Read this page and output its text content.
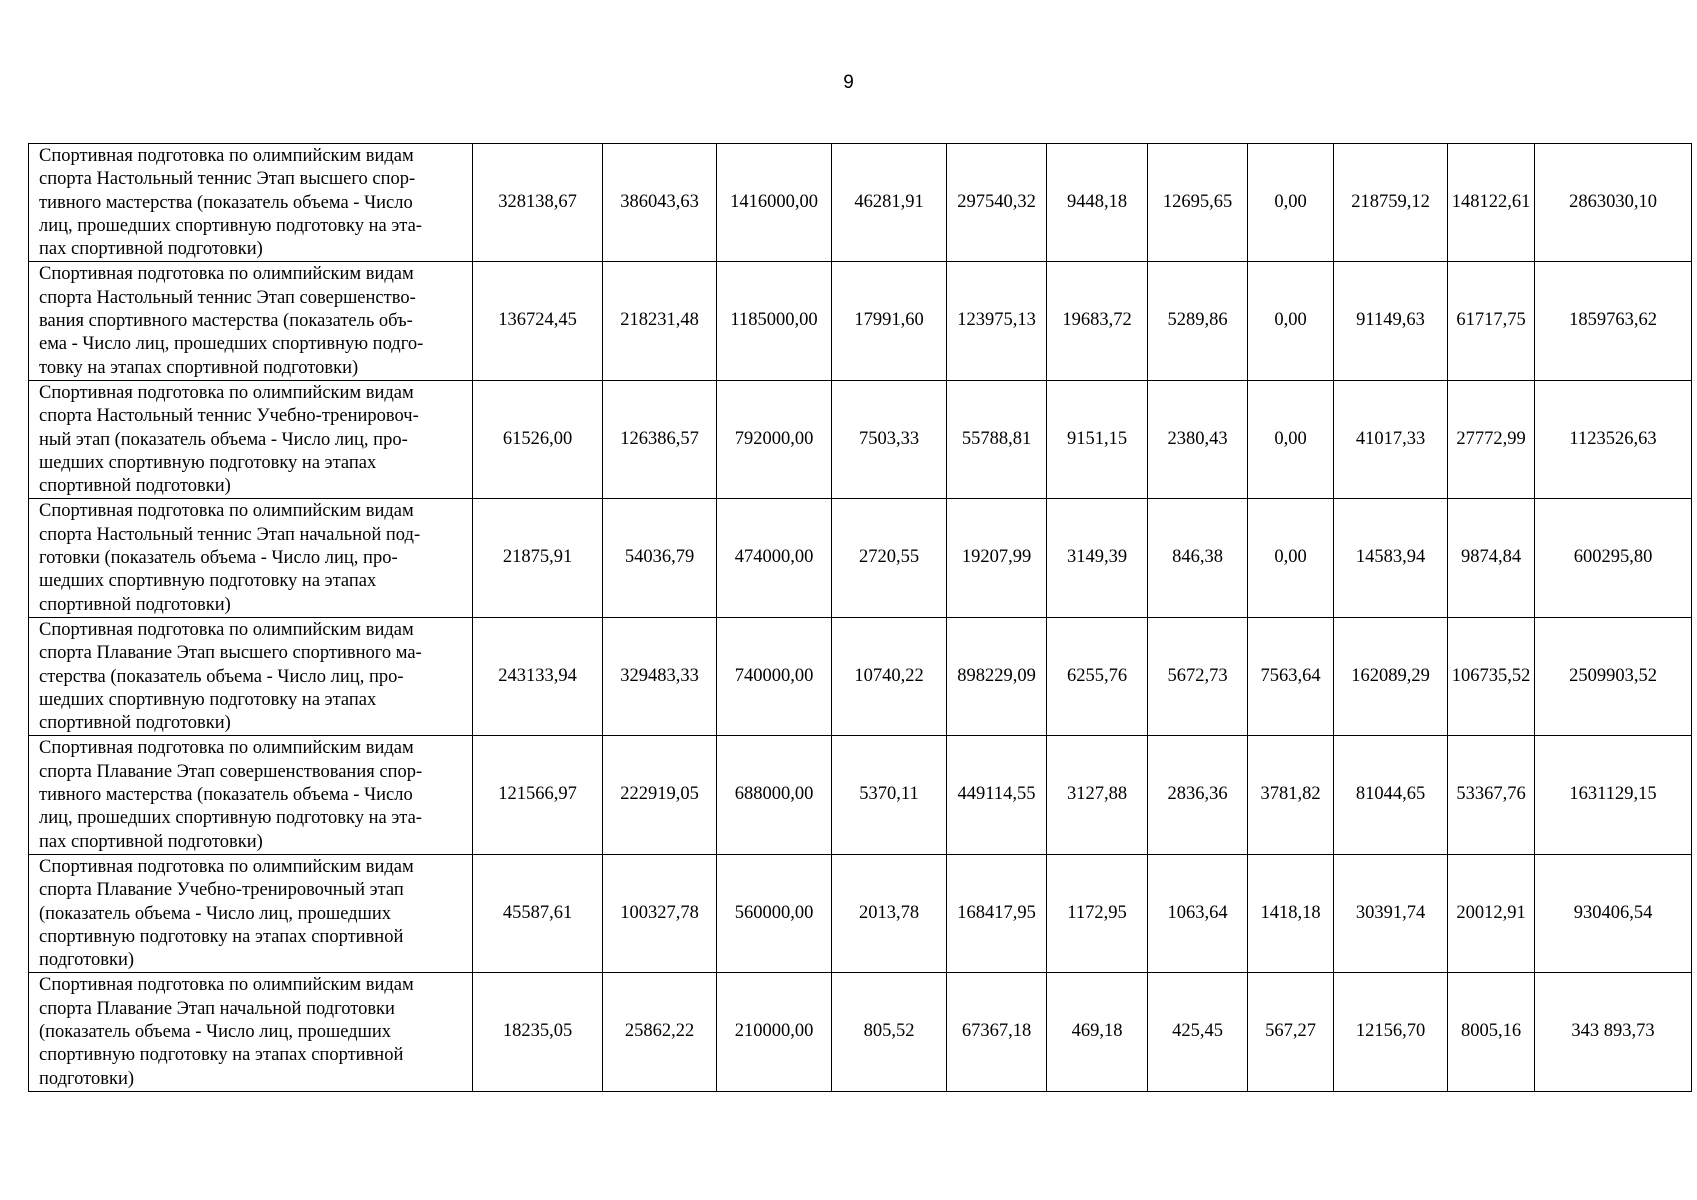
9
Спортивная подготовка по олимпийским видам
спорта Настольный теннис Этап высшего спор-
тивного мастерства (показатель объема - Число
лиц, прошедших спортивную подготовку на эта-
пах спортивной подготовки)	328138,67	386043,63	1416000,00	46281,91	297540,32	9448,18	12695,65	0,00	218759,12	148122,61	2863030,10

Спортивная подготовка по олимпийским видам
спорта Настольный теннис Этап совершенство-
вания спортивного мастерства (показатель объ-
ема - Число лиц, прошедших спортивную подго-
товку на этапах спортивной подготовки)	136724,45	218231,48	1185000,00	17991,60	123975,13	19683,72	5289,86	0,00	91149,63	61717,75	1859763,62

Спортивная подготовка по олимпийским видам
спорта Настольный теннис Учебно-тренировоч-
ный этап (показатель объема - Число лиц, про-
шедших спортивную подготовку на этапах
спортивной подготовки)	61526,00	126386,57	792000,00	7503,33	55788,81	9151,15	2380,43	0,00	41017,33	27772,99	1123526,63

Спортивная подготовка по олимпийским видам
спорта Настольный теннис Этап начальной под-
готовки (показатель объема - Число лиц, про-
шедших спортивную подготовку на этапах
спортивной подготовки)	21875,91	54036,79	474000,00	2720,55	19207,99	3149,39	846,38	0,00	14583,94	9874,84	600295,80

Спортивная подготовка по олимпийским видам
спорта Плавание Этап высшего спортивного ма-
стерства (показатель объема - Число лиц, про-
шедших спортивную подготовку на этапах
спортивной подготовки)	243133,94	329483,33	740000,00	10740,22	898229,09	6255,76	5672,73	7563,64	162089,29	106735,52	2509903,52

Спортивная подготовка по олимпийским видам
спорта Плавание Этап совершенствования спор-
тивного мастерства (показатель объема - Число
лиц, прошедших спортивную подготовку на эта-
пах спортивной подготовки)	121566,97	222919,05	688000,00	5370,11	449114,55	3127,88	2836,36	3781,82	81044,65	53367,76	1631129,15

Спортивная подготовка по олимпийским видам
спорта Плавание Учебно-тренировочный этап
(показатель объема - Число лиц, прошедших
спортивную подготовку на этапах спортивной
подготовки)	45587,61	100327,78	560000,00	2013,78	168417,95	1172,95	1063,64	1418,18	30391,74	20012,91	930406,54

Спортивная подготовка по олимпийским видам
спорта Плавание Этап начальной подготовки
(показатель объема - Число лиц, прошедших
спортивную подготовку на этапах спортивной
подготовки)	18235,05	25862,22	210000,00	805,52	67367,18	469,18	425,45	567,27	12156,70	8005,16	343 893,73
